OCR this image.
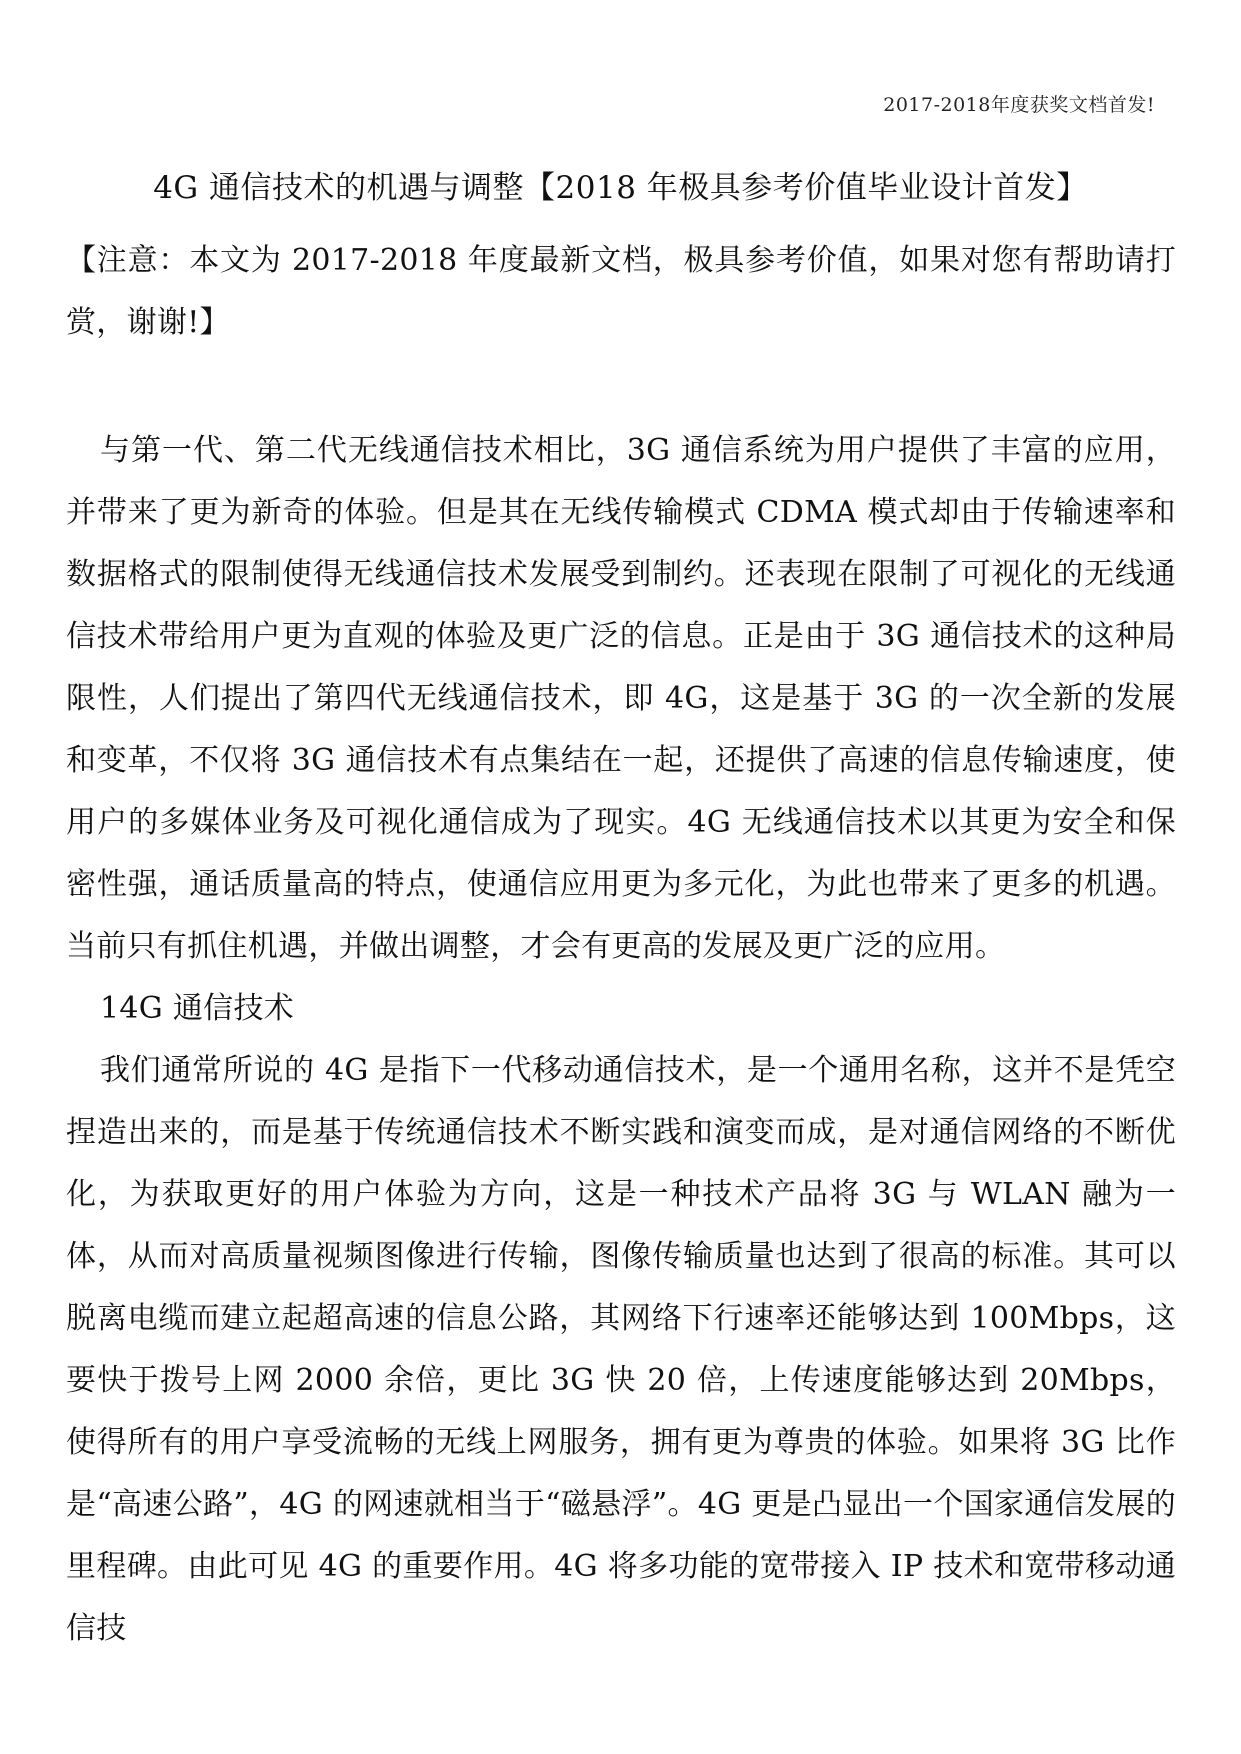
2017-2018年度获奖文档首发!
4G 通信技术的机遇与调整【2018 年极具参考价值毕业设计首发】
【注意：本文为 2017-2018 年度最新文档，极具参考价值，如果对您有帮助请打赏，谢谢!】

与第一代、第二代无线通信技术相比，3G 通信系统为用户提供了丰富的应用，并带来了更为新奇的体验。但是其在无线传输模式 CDMA 模式却由于传输速率和数据格式的限制使得无线通信技术发展受到制约。还表现在限制了可视化的无线通信技术带给用户更为直观的体验及更广泛的信息。正是由于 3G 通信技术的这种局限性，人们提出了第四代无线通信技术，即 4G，这是基于 3G 的一次全新的发展和变革，不仅将 3G 通信技术有点集结在一起，还提供了高速的信息传输速度，使用户的多媒体业务及可视化通信成为了现实。4G 无线通信技术以其更为安全和保密性强，通话质量高的特点，使通信应用更为多元化，为此也带来了更多的机遇。当前只有抓住机遇，并做出调整，才会有更高的发展及更广泛的应用。

14G 通信技术

我们通常所说的 4G 是指下一代移动通信技术，是一个通用名称，这并不是凭空捏造出来的，而是基于传统通信技术不断实践和演变而成，是对通信网络的不断优化，为获取更好的用户体验为方向，这是一种技术产品将 3G 与 WLAN 融为一体，从而对高质量视频图像进行传输，图像传输质量也达到了很高的标准。其可以脱离电缆而建立起超高速的信息公路，其网络下行速率还能够达到 100Mbps，这要快于拨号上网 2000 余倍，更比 3G 快 20 倍，上传速度能够达到 20Mbps，使得所有的用户享受流畅的无线上网服务，拥有更为尊贵的体验。如果将 3G 比作是“高速公路”，4G 的网速就相当于“磁悬浮”。4G 更是凸显出一个国家通信发展的里程碑。由此可见 4G 的重要作用。4G 将多功能的宽带接入 IP 技术和宽带移动通信技
